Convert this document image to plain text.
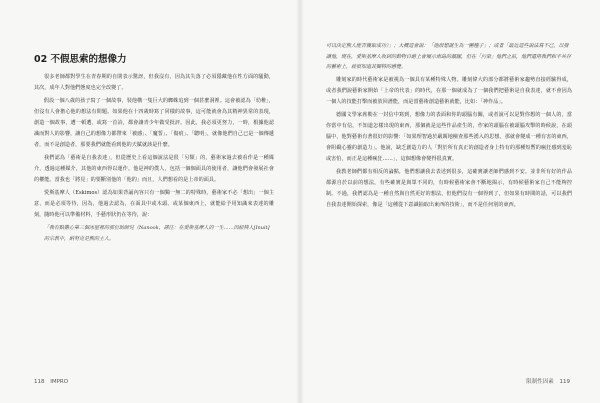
02 不假思索的想像力

很多老師都對學生在青春期的自閉表示驚訝，但我沒有，因為其失落了必須隱藏他在性方面的騷動，其次，成年人對他們態度也完全改變了。

假設一個八歲的孩子寫了一個故事，裝他構一隻巨大的蜘蛛追到一個甚麼洞裡。這會被認為「幼稚」，但沒有人會擔心他的想法有問題。如果他在十四歲時寫了同樣的故事，這可能就會為其精神異常的表現，創造一個故事，遭一頓遭，或寫一首詩，都會讓青少年做受批評。因此，我必須更努力，一時，根據他認識而對人的影響，讓自己的想像力都帶來「被感」、「魔誓」、「傷痕」、「聰明」，就像他們自己已是一個傳遞者，而不是創造者，那要我們就能看到他的天賦就該是什麼。

我們認為「藝術是自我表達」，但從歷史上看這個說法是很「另類」的，藝術家過去被看作是一種媒介，透過這種媒介，其他的東西得以運作。他是神的僕人，包括一個個面具的使用者，讓他們會發展社會的權能。當我也「將見」的要斷別他的「他的」而且，人們想看的是上帝的面具。

愛斯基摩人（Eskimos）認為如果背誦內容只有一個獨一無二的特殊時，藝術家不必「想出」一個主意，而是必須等待，因為，他過去認為，在面具中或木頭、或某個東西上，就能給予用知識來表達的雕刻，隨時他可以準備材料，手藝形狀仍在等待，說：

「我有點擔心第三個冰屋裡的那位助師兒（Nanook，譯注：在愛斯基摩人的一生……因紐特人[Inuit]的宗教中，納努克是熊的主人。

118 IMPRO

可以決定熊人能否獲取成功）」；大概這會說：「他很想誕生為一團種子」；或者「最近這些說法寫不已，以發讓他，現在，愛斯基摩人收到的動物自繪上會展示南島的顏圖，但在「污染」他們之前，他們還用我們和平共存的藝術上，就很知道其獨特的感覺。

雕刻家的時代藝術家是被視為一個具有某種特殊人物。雕刻偉大的部分都將藝術家趨勢直接經驗得成，或者我們說藝術家開始「上帝的代表」的時代，在那一個就成為了一個我們把藝術是自我表達，就不會因為一個人的技能打擊而被放回潛能，而是當藝術創造藝術就能，比如：「神作品」。

德國文學家席勒在一封信中寫到，想像力的表面和你的頭腦有關，或者說可以是對你想的一個人的，當你當中有信，不知道怎樣出現的東西，那個就是這些作品產生的，作家的頭腦在被頭腦攻擊的時候說，在頭腦中，他對藝術有著很好的影響：「如果理智過於嚴厲地檢查那些湧入的思想，那就會變成一種有害的東西，會阻礙心靈的創造力」。他說，缺乏創造力的人「對於所有真正的創造者身上特有的那種短暫的瘋狂感到羞恥或害怕，而正是這種瘋狂……」，這個想像會變得很真實。

我教老師們都有相反的論點，他們想讓我去表述到很多，這確實讓老師們感到不安。並非所有好的作品都源自於以前的想法，有些確實是與眾不同的，有時候藝術家會不斷地揭示，有時候藝術家自己不能夠控制。不過，我們認為是一種自然與自然更好的想法，但他們沒有一個得到了，但如果有時間的話，可以我們自我表達開始探索，像是「這種從下意識抽取出東西的技術」，而不是任何別的東西。

限制性因素 119
